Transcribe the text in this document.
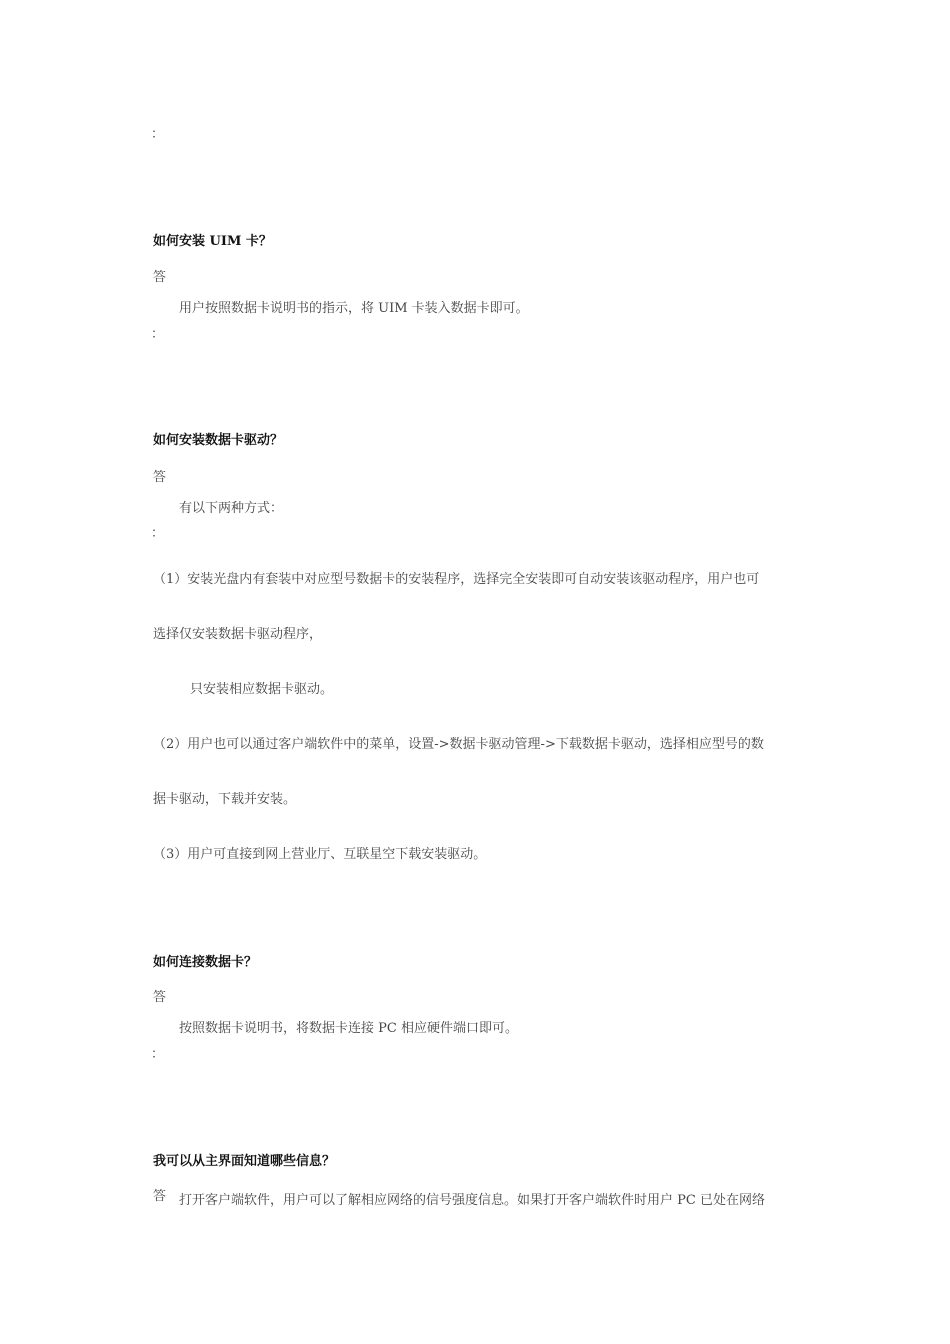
：
如何安装 UIM 卡？
答
用户按照数据卡说明书的指示，将 UIM 卡装入数据卡即可。
：
如何安装数据卡驱动？
答
有以下两种方式：
：
（1）安装光盘内有套装中对应型号数据卡的安装程序，选择完全安装即可自动安装该驱动程序，用户也可
选择仅安装数据卡驱动程序，
只安装相应数据卡驱动。
（2）用户也可以通过客户端软件中的菜单，设置->数据卡驱动管理->下载数据卡驱动，选择相应型号的数
据卡驱动，下载并安装。
（3）用户可直接到网上营业厅、互联星空下载安装驱动。
如何连接数据卡？
答
按照数据卡说明书，将数据卡连接 PC 相应硬件端口即可。
：
我可以从主界面知道哪些信息？
答 打开客户端软件，用户可以了解相应网络的信号强度信息。如果打开客户端软件时用户 PC 已处在网络
